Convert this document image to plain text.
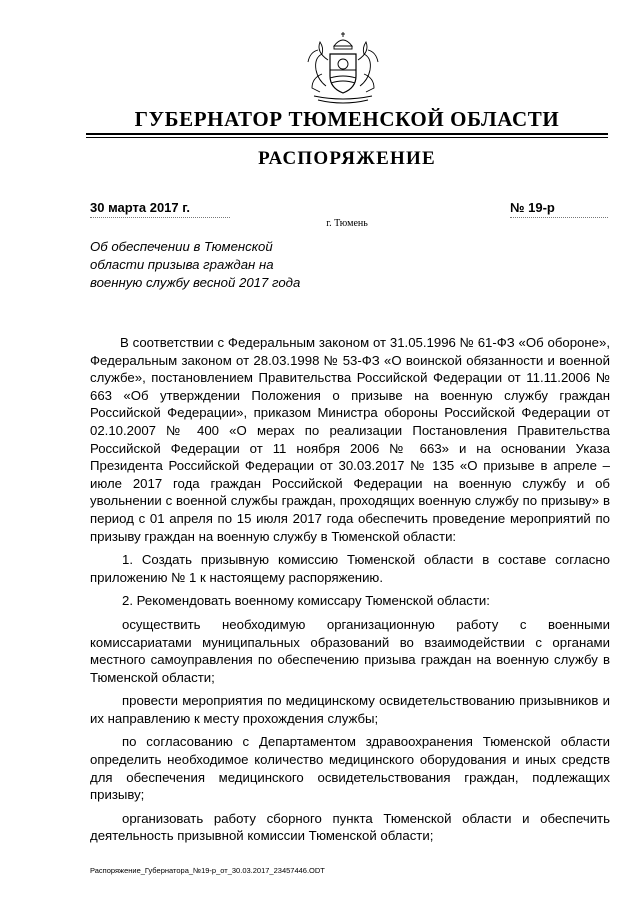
ГУБЕРНАТОР ТЮМЕНСКОЙ ОБЛАСТИ
РАСПОРЯЖЕНИЕ
30 марта 2017 г.	№ 19-р
г. Тюмень
Об обеспечении в Тюменской
области призыва граждан на
военную службу весной 2017 года

В соответствии с Федеральным законом от 31.05.1996 № 61-ФЗ «Об обороне», Федеральным законом от 28.03.1998 № 53-ФЗ «О воинской обязанности и военной службе», постановлением Правительства Российской Федерации от 11.11.2006 № 663 «Об утверждении Положения о призыве на военную службу граждан Российской Федерации», приказом Министра обороны Российской Федерации от 02.10.2007 № 400 «О мерах по реализации Постановления Правительства Российской Федерации от 11 ноября 2006 № 663» и на основании Указа Президента Российской Федерации от 30.03.2017 № 135 «О призыве в апреле – июле 2017 года граждан Российской Федерации на военную службу и об увольнении с военной службы граждан, проходящих военную службу по призыву» в период с 01 апреля по 15 июля 2017 года обеспечить проведение мероприятий по призыву граждан на военную службу в Тюменской области:

1. Создать призывную комиссию Тюменской области в составе согласно приложению № 1 к настоящему распоряжению.

2. Рекомендовать военному комиссару Тюменской области:

осуществить необходимую организационную работу с военными комиссариатами муниципальных образований во взаимодействии с органами местного самоуправления по обеспечению призыва граждан на военную службу в Тюменской области;

провести мероприятия по медицинскому освидетельствованию призывников и их направлению к месту прохождения службы;

по согласованию с Департаментом здравоохранения Тюменской области определить необходимое количество медицинского оборудования и иных средств для обеспечения медицинского освидетельствования граждан, подлежащих призыву;

организовать работу сборного пункта Тюменской области и обеспечить деятельность призывной комиссии Тюменской области;

Распоряжение_Губернатора_№19-р_от_30.03.2017_23457446.ODT
